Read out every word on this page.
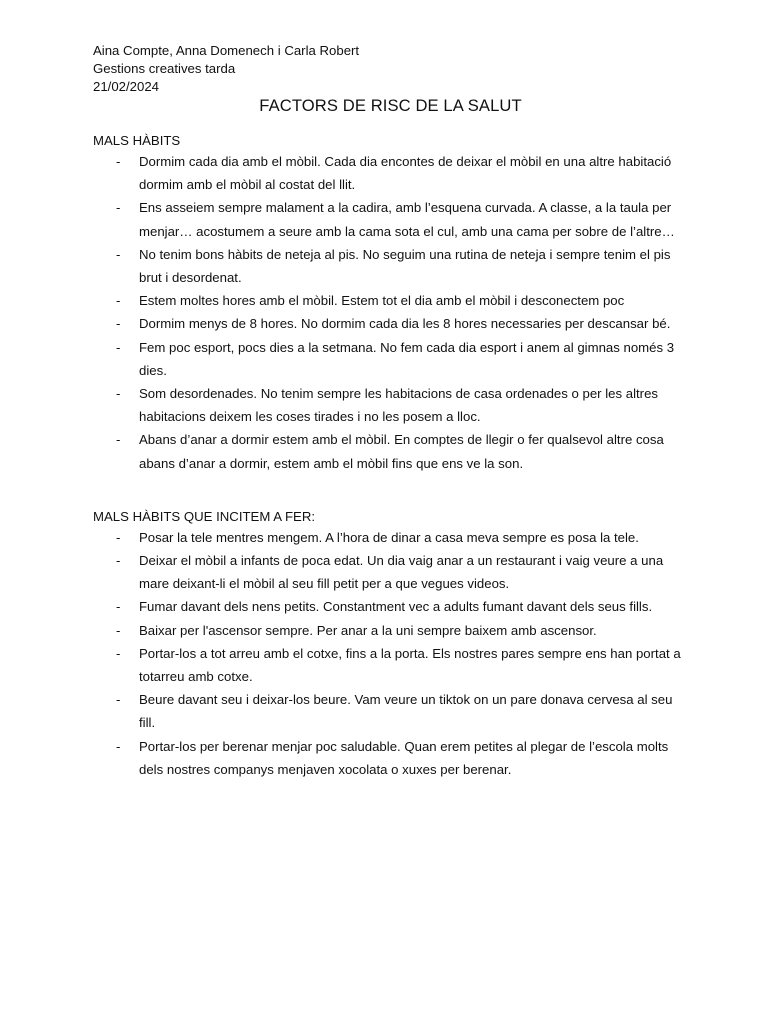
Aina Compte, Anna Domenech i Carla Robert

Gestions creatives tarda

21/02/2024

FACTORS DE RISC DE LA SALUT
MALS HÀBITS
- Dormim cada dia amb el mòbil. Cada dia encontes de deixar el mòbil en una altre habitació dormim amb el mòbil al costat del llit.
- Ens asseiem sempre malament a la cadira, amb l’esquena curvada. A classe, a la taula per menjar… acostumem a seure amb la cama sota el cul, amb una cama per sobre de l’altre…
- No tenim bons hàbits de neteja al pis. No seguim una rutina de neteja i sempre tenim el pis brut i desordenat.
- Estem moltes hores amb el mòbil. Estem tot el dia amb el mòbil i desconectem poc
- Dormim menys de 8 hores. No dormim cada dia les 8 hores necessaries per descansar bé.
- Fem poc esport, pocs dies a la setmana. No fem cada dia esport i anem al gimnas només 3 dies.
- Som desordenades. No tenim sempre les habitacions de casa ordenades o per les altres habitacions deixem les coses tirades i no les posem a lloc.
- Abans d’anar a dormir estem amb el mòbil. En comptes de llegir o fer qualsevol altre cosa abans d’anar a dormir, estem amb el mòbil fins que ens ve la son.
MALS HÀBITS QUE INCITEM A FER:
- Posar la tele mentres mengem. A l’hora de dinar a casa meva sempre es posa la tele.
- Deixar el mòbil a infants de poca edat. Un dia vaig anar a un restaurant i vaig veure a una mare deixant-li el mòbil al seu fill petit per a que vegues videos.
- Fumar davant dels nens petits. Constantment vec a adults fumant davant dels seus fills.
- Baixar per l'ascensor sempre. Per anar a la uni sempre baixem amb ascensor.
- Portar-los a tot arreu amb el cotxe, fins a la porta. Els nostres pares sempre ens han portat a totarreu amb cotxe.
- Beure davant seu i deixar-los beure. Vam veure un tiktok on un pare donava cervesa al seu fill.
- Portar-los per berenar menjar poc saludable. Quan erem petites al plegar de l’escola molts dels nostres companys menjaven xocolata o xuxes per berenar.
